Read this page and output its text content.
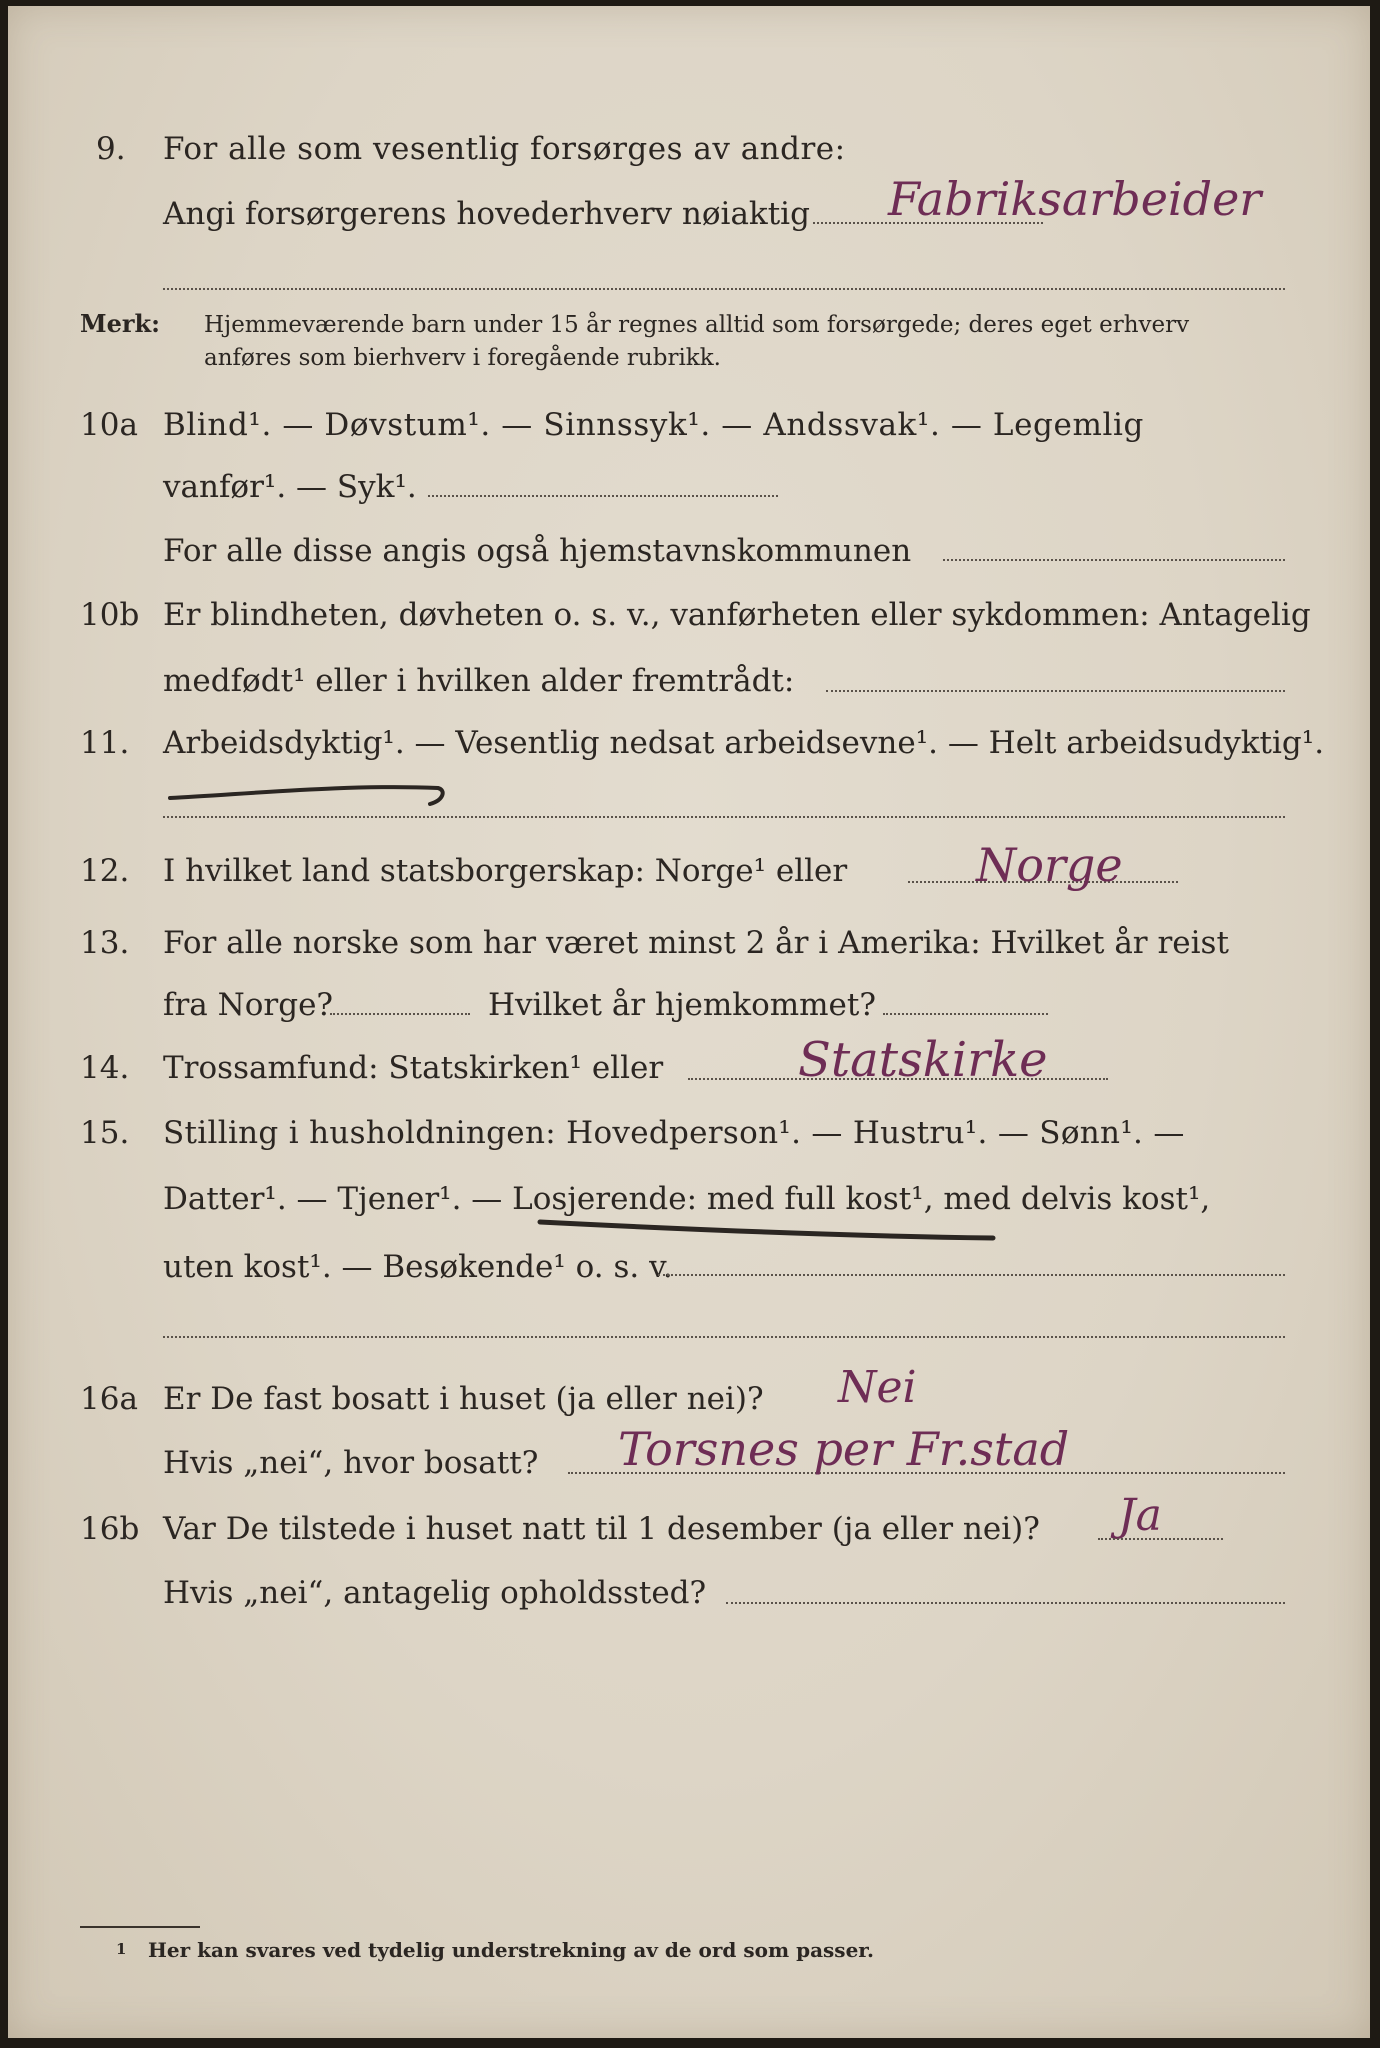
9. For alle som vesentlig forsørges av andre:
Angi forsørgerens hovederhverv nøiaktig Fabriksarbeider
Merk: Hjemmeværende barn under 15 år regnes alltid som forsørgede; deres eget erhverv
anføres som bierhverv i foregående rubrikk.
10a Blind¹. — Døvstum¹. — Sinnssyk¹. — Andssvak¹. — Legemlig
vanfør¹. — Syk¹.
For alle disse angis også hjemstavnskommunen
10b Er blindheten, døvheten o. s. v., vanførheten eller sykdommen: Antagelig
medfødt¹ eller i hvilken alder fremtrådt:
11. Arbeidsdyktig¹. — Vesentlig nedsat arbeidsevne¹. — Helt arbeidsudyktig¹.
12. I hvilket land statsborgerskap: Norge¹ eller	Norge
13. For alle norske som har været minst 2 år i Amerika: Hvilket år reist
fra Norge?	Hvilket år hjemkommet?
14. Trossamfund: Statskirken¹ eller	Statskirke
15. Stilling i husholdningen: Hovedperson¹. — Hustru¹. — Sønn¹. —
Datter¹. — Tjener¹. — Losjerende: med full kost¹, med delvis kost¹,
uten kost¹. — Besøkende¹ o. s. v.
16a Er De fast bosatt i huset (ja eller nei)? Nei
Hvis „nei“, hvor bosatt? Torsnes per Fr.stad
16b Var De tilstede i huset natt til 1 desember (ja eller nei)? Ja
Hvis „nei“, antagelig opholdssted?
1 Her kan svares ved tydelig understrekning av de ord som passer.
